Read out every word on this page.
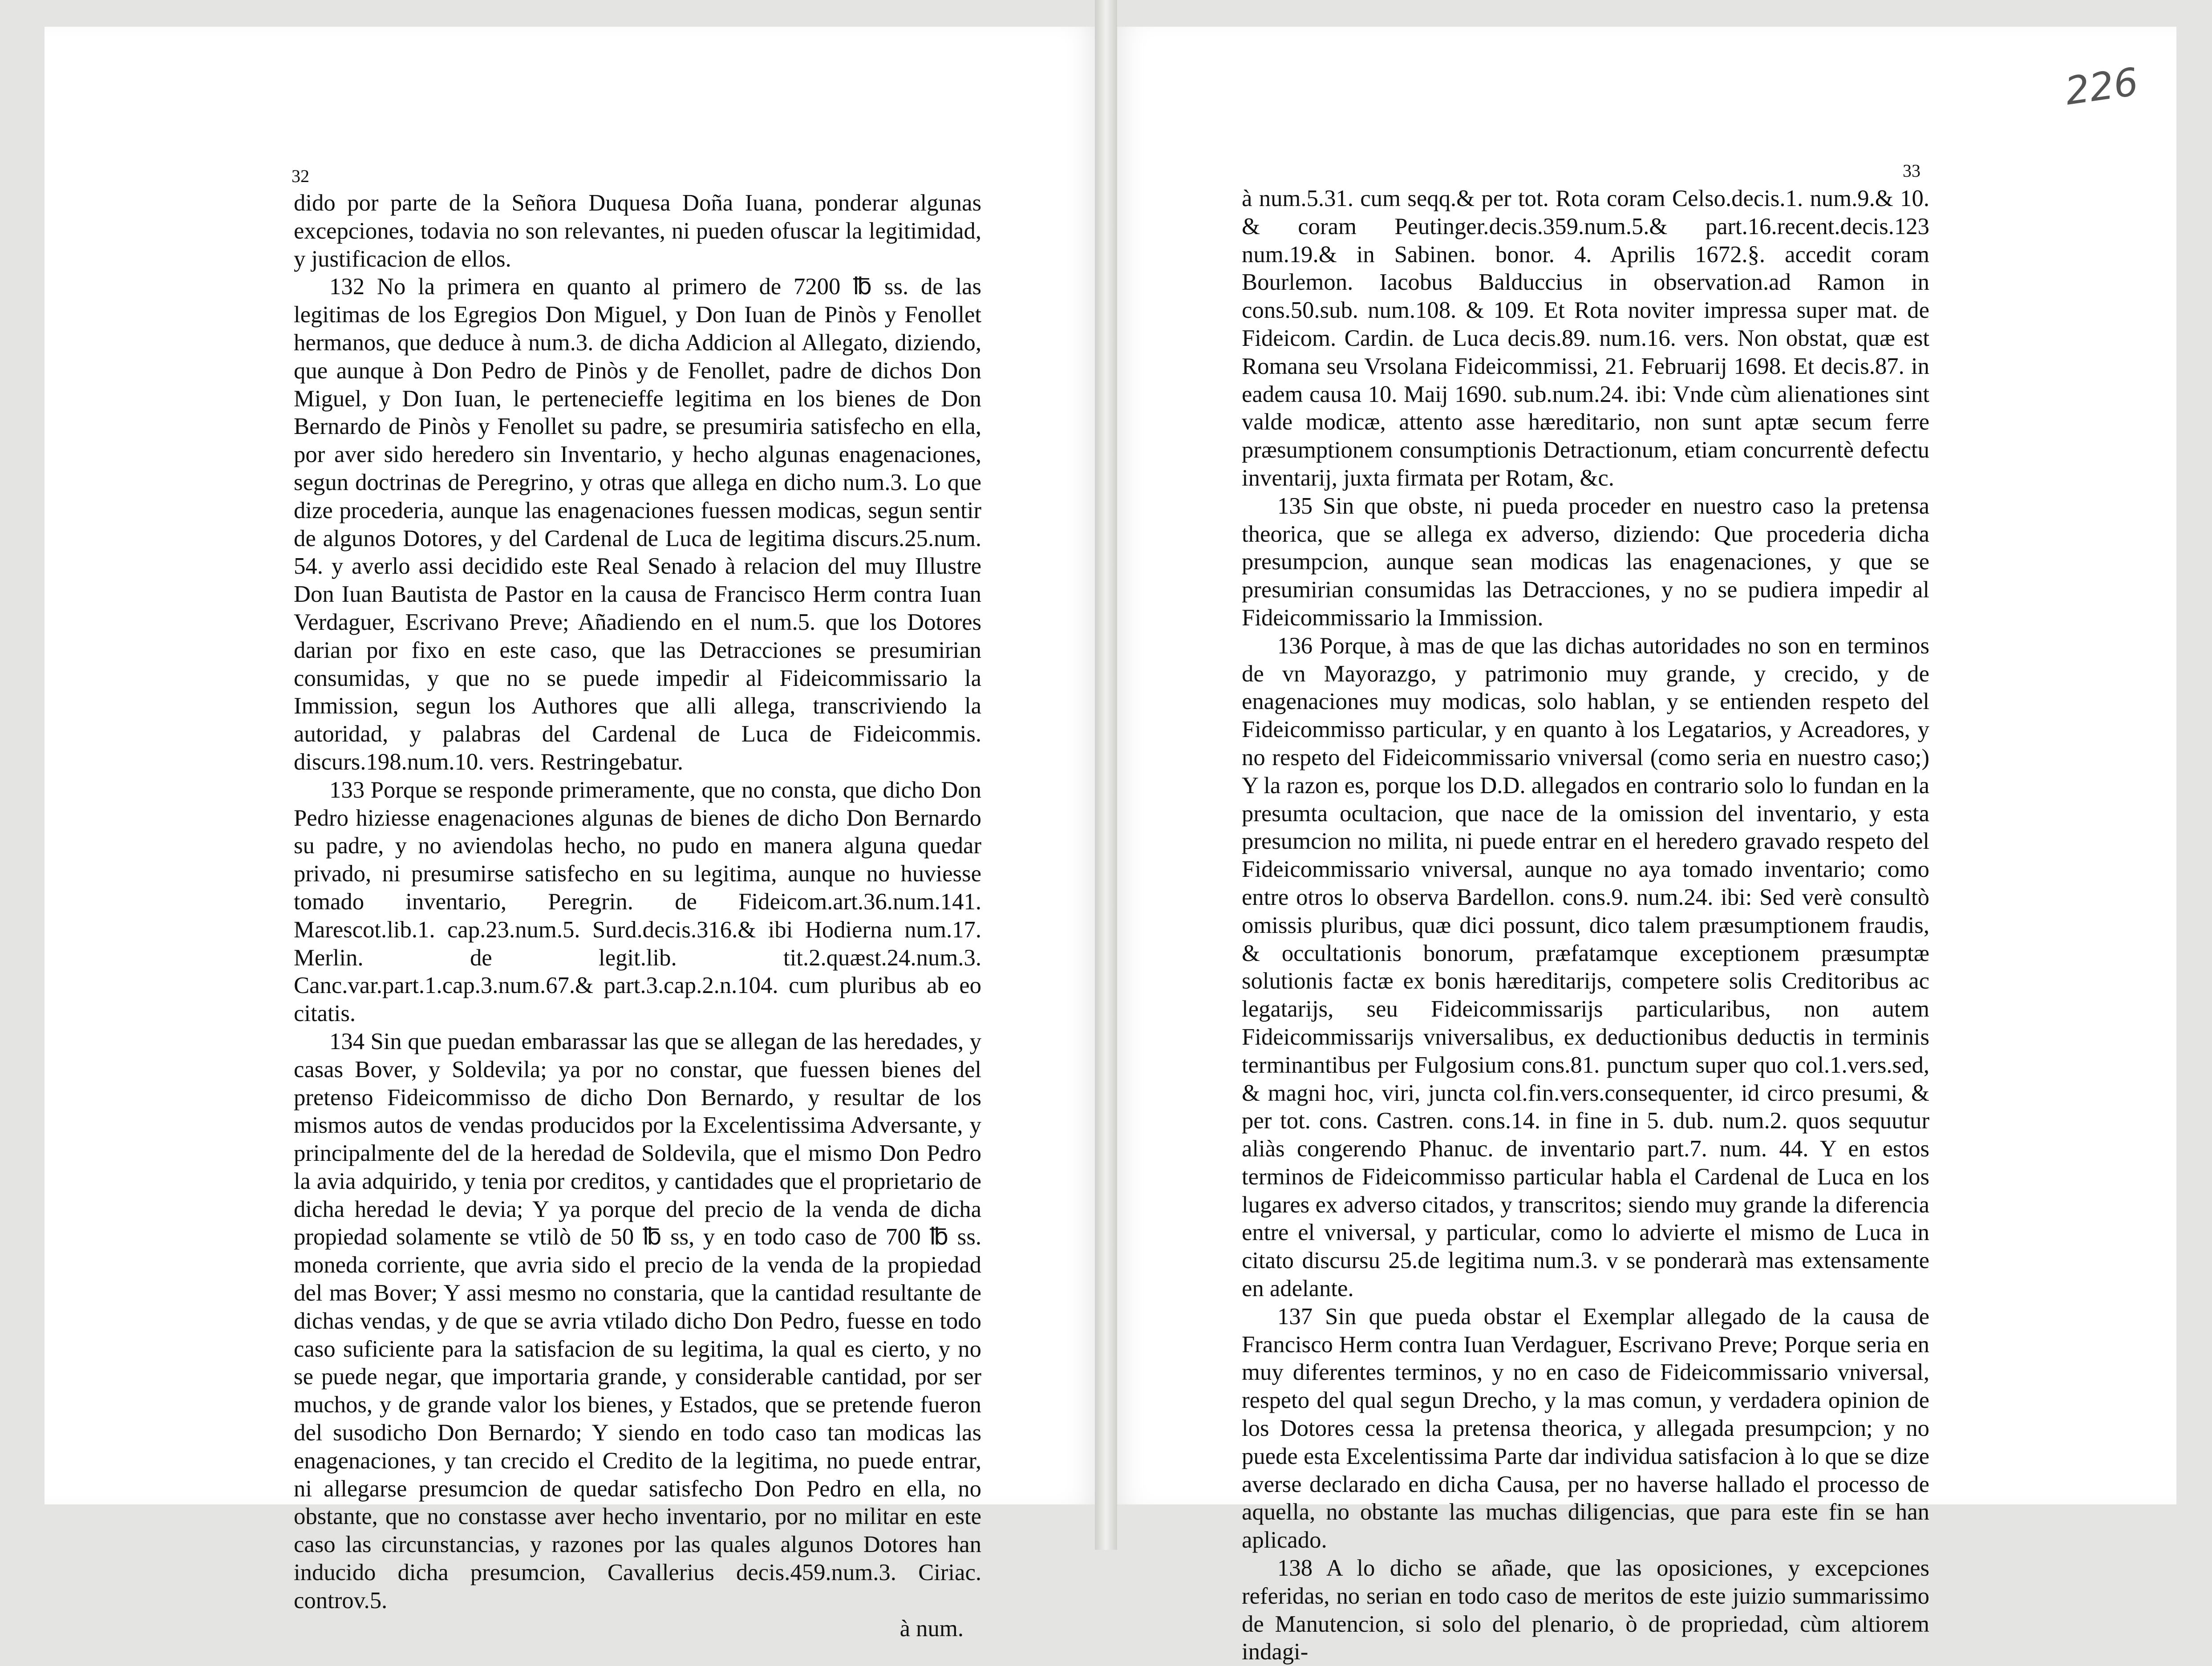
32

dido por parte de la Señora Duquesa Doña Iuana, ponderar algunas excepciones, todavia no son relevantes, ni pueden ofuscar la legitimidad, y justificacion de ellos.

132 No la primera en quanto al primero de 7200 ℔ ss. de las legitimas de los Egregios Don Miguel, y Don Iuan de Pinòs y Fenollet hermanos, que deduce à num.3. de dicha Addicion al Allegato, diziendo, que aunque à Don Pedro de Pinòs y de Fenollet, padre de dichos Don Miguel, y Don Iuan, le pertenecieffe legitima en los bienes de Don Bernardo de Pinòs y Fenollet su padre, se presumiria satisfecho en ella, por aver sido heredero sin Inventario, y hecho algunas enagenaciones, segun doctrinas de Peregrino, y otras que allega en dicho num.3. Lo que dize procederia, aunque las enagenaciones fuessen modicas, segun sentir de algunos Dotores, y del Cardenal de Luca de legitima discurs.25.num. 54. y averlo assi decidido este Real Senado à relacion del muy Illustre Don Iuan Bautista de Pastor en la causa de Francisco Herm contra Iuan Verdaguer, Escrivano Preve; Añadiendo en el num.5. que los Dotores darian por fixo en este caso, que las Detracciones se presumirian consumidas, y que no se puede impedir al Fideicommissario la Immission, segun los Authores que alli allega, transcriviendo la autoridad, y palabras del Cardenal de Luca de Fideicommis. discurs.198.num.10. vers. Restringebatur.

133 Porque se responde primeramente, que no consta, que dicho Don Pedro hiziesse enagenaciones algunas de bienes de dicho Don Bernardo su padre, y no aviendolas hecho, no pudo en manera alguna quedar privado, ni presumirse satisfecho en su legitima, aunque no huviesse tomado inventario, Peregrin. de Fideicom.art.36.num.141. Marescot.lib.1. cap.23.num.5. Surd.decis.316.& ibi Hodierna num.17. Merlin. de legit.lib. tit.2.quæst.24.num.3. Canc.var.part.1.cap.3.num.67.& part.3.cap.2.n.104. cum pluribus ab eo citatis.

134 Sin que puedan embarassar las que se allegan de las heredades, y casas Bover, y Soldevila; ya por no constar, que fuessen bienes del pretenso Fideicommisso de dicho Don Bernardo, y resultar de los mismos autos de vendas producidos por la Excelentissima Adversante, y principalmente del de la heredad de Soldevila, que el mismo Don Pedro la avia adquirido, y tenia por creditos, y cantidades que el proprietario de dicha heredad le devia; Y ya porque del precio de la venda de dicha propiedad solamente se vtilò de 50 ℔ ss, y en todo caso de 700 ℔ ss. moneda corriente, que avria sido el precio de la venda de la propiedad del mas Bover; Y assi mesmo no constaria, que la cantidad resultante de dichas vendas, y de que se avria vtilado dicho Don Pedro, fuesse en todo caso suficiente para la satisfacion de su legitima, la qual es cierto, y no se puede negar, que importaria grande, y considerable cantidad, por ser muchos, y de grande valor los bienes, y Estados, que se pretende fueron del susodicho Don Bernardo; Y siendo en todo caso tan modicas las enagenaciones, y tan crecido el Credito de la legitima, no puede entrar, ni allegarse presumcion de quedar satisfecho Don Pedro en ella, no obstante, que no constasse aver hecho inventario, por no militar en este caso las circunstancias, y razones por las quales algunos Dotores han inducido dicha presumcion, Cavallerius decis.459.num.3. Ciriac. controv.5.

à num.

226
33

à num.5.31. cum seqq.& per tot. Rota coram Celso.decis.1. num.9.& 10. & coram Peutinger.decis.359.num.5.& part.16.recent.decis.123 num.19.& in Sabinen. bonor. 4. Aprilis 1672.§. accedit coram Bourlemon. Iacobus Balduccius in observation.ad Ramon in cons.50.sub. num.108. & 109. Et Rota noviter impressa super mat. de Fideicom. Cardin. de Luca decis.89. num.16. vers. Non obstat, quæ est Romana seu Vrsolana Fideicommissi, 21. Februarij 1698. Et decis.87. in eadem causa 10. Maij 1690. sub.num.24. ibi: Vnde cùm alienationes sint valde modicæ, attento asse hæreditario, non sunt aptæ secum ferre præsumptionem consumptionis Detractionum, etiam concurrentè defectu inventarij, juxta firmata per Rotam, &c.

135 Sin que obste, ni pueda proceder en nuestro caso la pretensa theorica, que se allega ex adverso, diziendo: Que procederia dicha presumpcion, aunque sean modicas las enagenaciones, y que se presumirian consumidas las Detracciones, y no se pudiera impedir al Fideicommissario la Immission.

136 Porque, à mas de que las dichas autoridades no son en terminos de vn Mayorazgo, y patrimonio muy grande, y crecido, y de enagenaciones muy modicas, solo hablan, y se entienden respeto del Fideicommisso particular, y en quanto à los Legatarios, y Acreadores, y no respeto del Fideicommissario vniversal (como seria en nuestro caso;) Y la razon es, porque los D.D. allegados en contrario solo lo fundan en la presumta ocultacion, que nace de la omission del inventario, y esta presumcion no milita, ni puede entrar en el heredero gravado respeto del Fideicommissario vniversal, aunque no aya tomado inventario; como entre otros lo observa Bardellon. cons.9. num.24. ibi: Sed verè consultò omissis pluribus, quæ dici possunt, dico talem præsumptionem fraudis, & occultationis bonorum, præfatamque exceptionem præsumptæ solutionis factæ ex bonis hæreditarijs, competere solis Creditoribus ac legatarijs, seu Fideicommissarijs particularibus, non autem Fideicommissarijs vniversalibus, ex deductionibus deductis in terminis terminantibus per Fulgosium cons.81. punctum super quo col.1.vers.sed, & magni hoc, viri, juncta col.fin.vers.consequenter, id circo presumi, & per tot. cons. Castren. cons.14. in fine in 5. dub. num.2. quos sequutur aliàs congerendo Phanuc. de inventario part.7. num. 44. Y en estos terminos de Fideicommisso particular habla el Cardenal de Luca en los lugares ex adverso citados, y transcritos; siendo muy grande la diferencia entre el vniversal, y particular, como lo advierte el mismo de Luca in citato discursu 25.de legitima num.3. v se ponderarà mas extensamente en adelante.

137 Sin que pueda obstar el Exemplar allegado de la causa de Francisco Herm contra Iuan Verdaguer, Escrivano Preve; Porque seria en muy diferentes terminos, y no en caso de Fideicommissario vniversal, respeto del qual segun Drecho, y la mas comun, y verdadera opinion de los Dotores cessa la pretensa theorica, y allegada presumpcion; y no puede esta Excelentissima Parte dar individua satisfacion à lo que se dize averse declarado en dicha Causa, per no haverse hallado el processo de aquella, no obstante las muchas diligencias, que para este fin se han aplicado.

138 A lo dicho se añade, que las oposiciones, y excepciones referidas, no serian en todo caso de meritos de este juizio summarissimo de Manutencion, si solo del plenario, ò de propriedad, cùm altiorem indagi-
